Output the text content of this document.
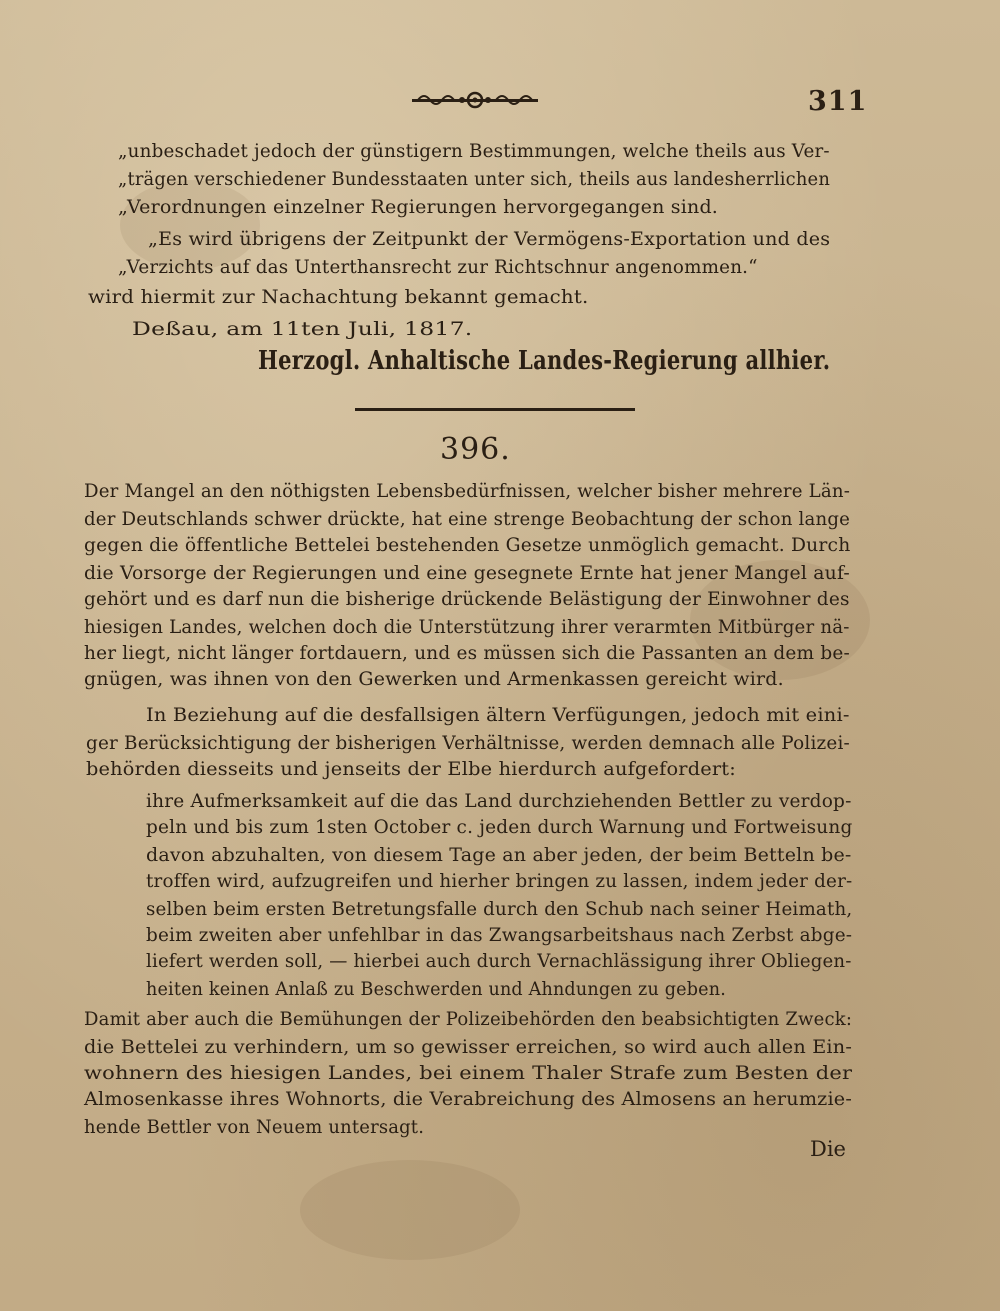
311
„unbeschadet jedoch der günstigern Bestimmungen, welche theils aus Ver-
„trägen verschiedener Bundesstaaten unter sich, theils aus landesherrlichen
„Verordnungen einzelner Regierungen hervorgegangen sind.
„Es wird übrigens der Zeitpunkt der Vermögens-Exportation und des
„Verzichts auf das Unterthansrecht zur Richtschnur angenommen.“
wird hiermit zur Nachachtung bekannt gemacht.
Deßau, am 11ten Juli, 1817.
Herzogl. Anhaltische Landes-Regierung allhier.
396.
Der Mangel an den nöthigsten Lebensbedürfnissen, welcher bisher mehrere Län-
der Deutschlands schwer drückte, hat eine strenge Beobachtung der schon lange
gegen die öffentliche Bettelei bestehenden Gesetze unmöglich gemacht. Durch
die Vorsorge der Regierungen und eine gesegnete Ernte hat jener Mangel auf-
gehört und es darf nun die bisherige drückende Belästigung der Einwohner des
hiesigen Landes, welchen doch die Unterstützung ihrer verarmten Mitbürger nä-
her liegt, nicht länger fortdauern, und es müssen sich die Passanten an dem be-
gnügen, was ihnen von den Gewerken und Armenkassen gereicht wird.
In Beziehung auf die desfallsigen ältern Verfügungen, jedoch mit eini-
ger Berücksichtigung der bisherigen Verhältnisse, werden demnach alle Polizei-
behörden diesseits und jenseits der Elbe hierdurch aufgefordert:
ihre Aufmerksamkeit auf die das Land durchziehenden Bettler zu verdop-
peln und bis zum 1sten October c. jeden durch Warnung und Fortweisung
davon abzuhalten, von diesem Tage an aber jeden, der beim Betteln be-
troffen wird, aufzugreifen und hierher bringen zu lassen, indem jeder der-
selben beim ersten Betretungsfalle durch den Schub nach seiner Heimath,
beim zweiten aber unfehlbar in das Zwangsarbeitshaus nach Zerbst abge-
liefert werden soll, — hierbei auch durch Vernachlässigung ihrer Obliegen-
heiten keinen Anlaß zu Beschwerden und Ahndungen zu geben.
Damit aber auch die Bemühungen der Polizeibehörden den beabsichtigten Zweck:
die Bettelei zu verhindern, um so gewisser erreichen, so wird auch allen Ein-
wohnern des hiesigen Landes, bei einem Thaler Strafe zum Besten der
Almosenkasse ihres Wohnorts, die Verabreichung des Almosens an herumzie-
hende Bettler von Neuem untersagt.
Die
